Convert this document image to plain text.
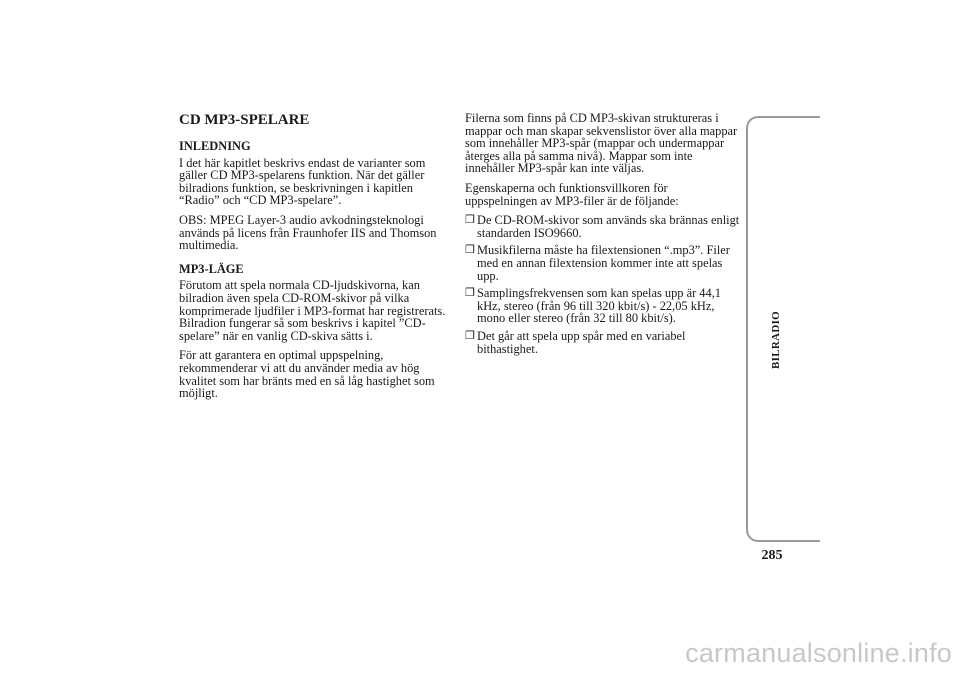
CD MP3-SPELARE
INLEDNING

I det här kapitlet beskrivs endast de varianter som gäller CD MP3-spelarens funktion. När det gäller bilradions funktion, se beskrivningen i kapitlen “Radio” och “CD MP3-spelare”.

OBS: MPEG Layer-3 audio avkodningsteknologi används på licens från Fraunhofer IIS and Thomson multimedia.

MP3-LÄGE

Förutom att spela normala CD-ljudskivorna, kan bilradion även spela CD-ROM-skivor på vilka komprimerade ljudfiler i MP3-format har registrerats. Bilradion fungerar så som beskrivs i kapitel ”CD-spelare” när en vanlig CD-skiva sätts i.

För att garantera en optimal uppspelning, rekommenderar vi att du använder media av hög kvalitet som har bränts med en så låg hastighet som möjligt.

Filerna som finns på CD MP3-skivan struktureras i mappar och man skapar sekvenslistor över alla mappar som innehåller MP3-spår (mappar och undermappar återges alla på samma nivå). Mappar som inte innehåller MP3-spår kan inte väljas.

Egenskaperna och funktionsvillkoren för uppspelningen av MP3-filer är de följande:

❒ De CD-ROM-skivor som används ska brännas enligt standarden ISO9660.
❒ Musikfilerna måste ha filextensionen “.mp3”. Filer med en annan filextension kommer inte att spelas upp.
❒ Samplingsfrekvensen som kan spelas upp är 44,1 kHz, stereo (från 96 till 320 kbit/s) - 22,05 kHz, mono eller stereo (från 32 till 80 kbit/s).
❒ Det går att spela upp spår med en variabel bithastighet.	BILRADIO
285
carmanualsonline.info
